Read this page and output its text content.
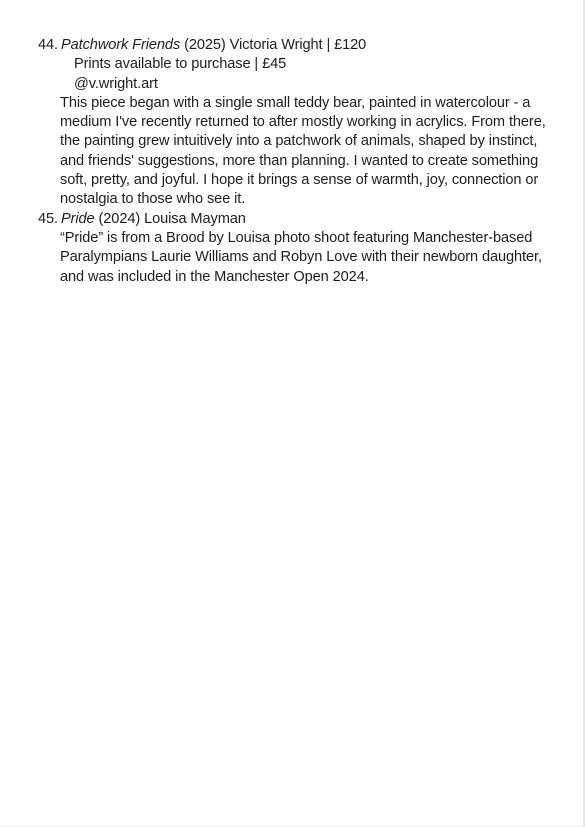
44. Patchwork Friends (2025) Victoria Wright | £120
Prints available to purchase | £45
@v.wright.art

This piece began with a single small teddy bear, painted in watercolour - a medium I've recently returned to after mostly working in acrylics. From there, the painting grew intuitively into a patchwork of animals, shaped by instinct, and friends' suggestions, more than planning. I wanted to create something soft, pretty, and joyful. I hope it brings a sense of warmth, joy, connection or nostalgia to those who see it.

45. Pride (2024) Louisa Mayman

“Pride” is from a Brood by Louisa photo shoot featuring Manchester-based Paralympians Laurie Williams and Robyn Love with their newborn daughter, and was included in the Manchester Open 2024.
